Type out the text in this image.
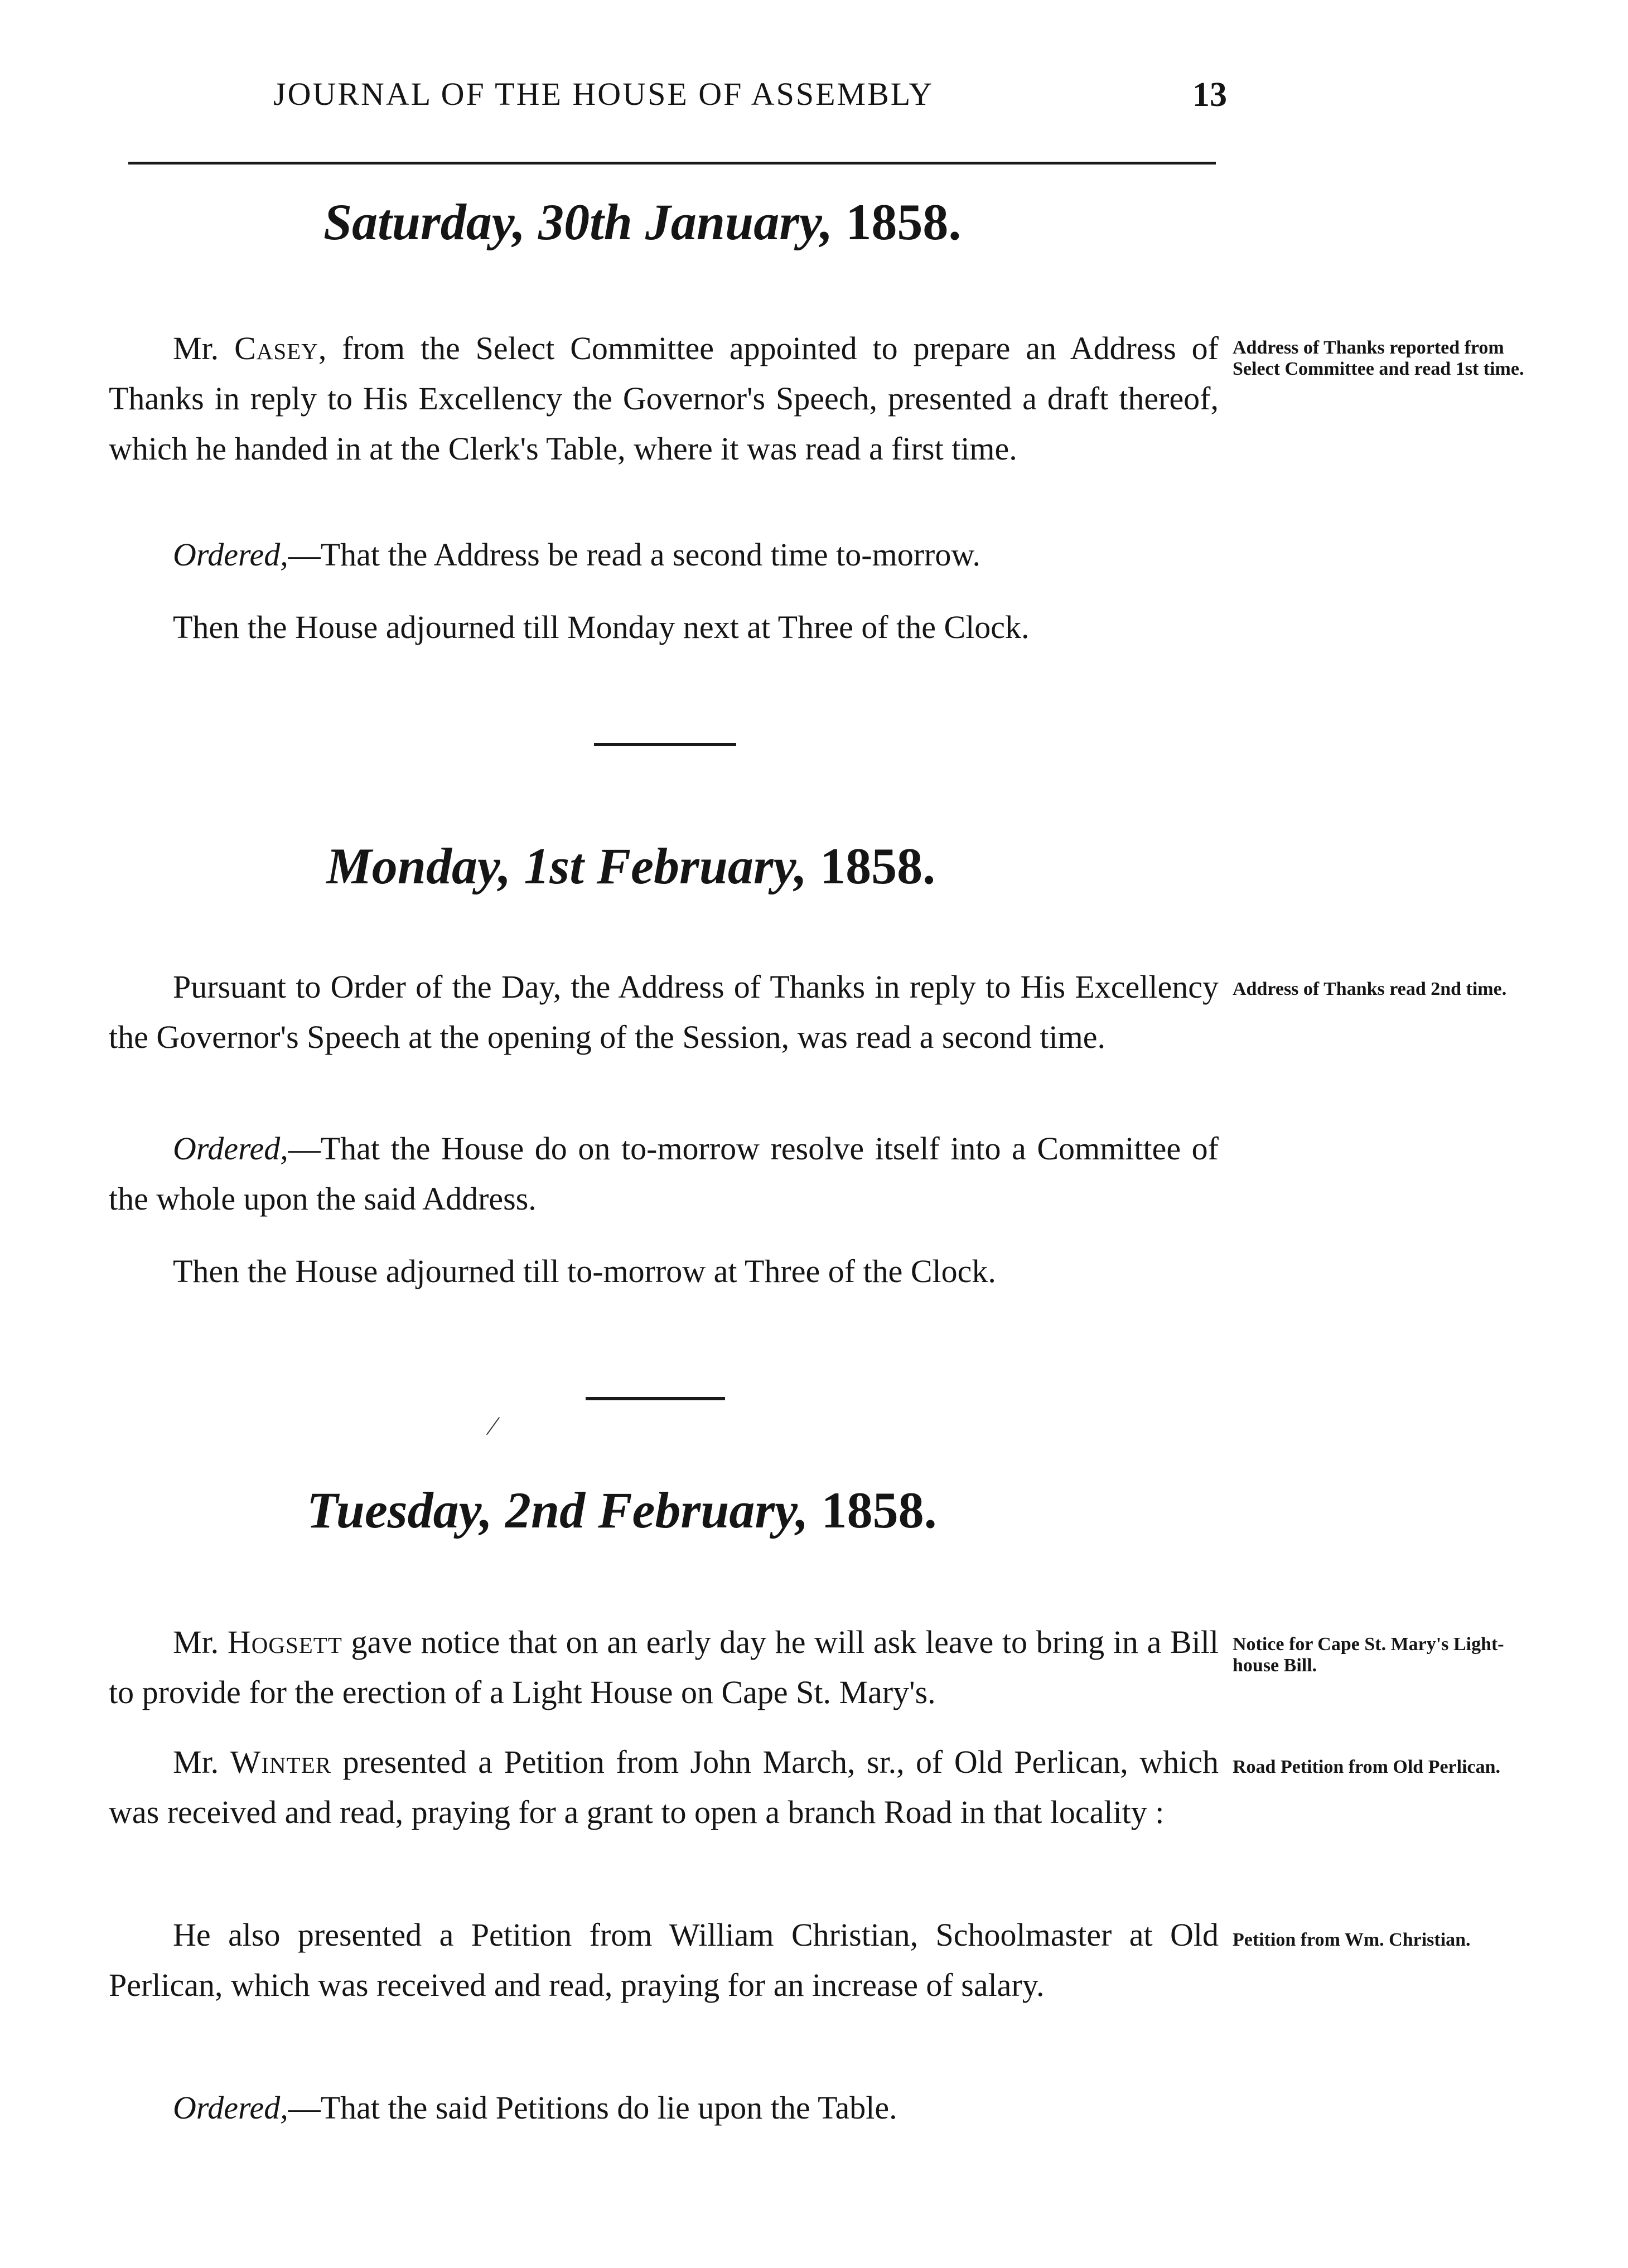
JOURNAL OF THE HOUSE OF ASSEMBLY	13
Saturday, 30th January, 1858.
Mr. Casey, from the Select Committee appointed to prepare an Address of Thanks in reply to His Excellency the Governor's Speech, presented a draft thereof, which he handed in at the Clerk's Table, where it was read a first time.
Ordered,—That the Address be read a second time to-morrow.
Then the House adjourned till Monday next at Three of the Clock.
Address of Thanks reported from Select Committee and read 1st time.
Monday, 1st February, 1858.
Pursuant to Order of the Day, the Address of Thanks in reply to His Excellency the Governor's Speech at the opening of the Session, was read a second time.
Ordered,—That the House do on to-morrow resolve itself into a Committee of the whole upon the said Address.
Then the House adjourned till to-morrow at Three of the Clock.
Address of Thanks read 2nd time.
⁄
Tuesday, 2nd February, 1858.
Mr. Hogsett gave notice that on an early day he will ask leave to bring in a Bill to provide for the erection of a Light House on Cape St. Mary's.
Mr. Winter presented a Petition from John March, sr., of Old Perlican, which was received and read, praying for a grant to open a branch Road in that locality :
He also presented a Petition from William Christian, Schoolmaster at Old Perlican, which was received and read, praying for an increase of salary.
Ordered,—That the said Petitions do lie upon the Table.
Notice for Cape St. Mary's Light-house Bill.
Road Petition from Old Perlican.
Petition from Wm. Christian.
